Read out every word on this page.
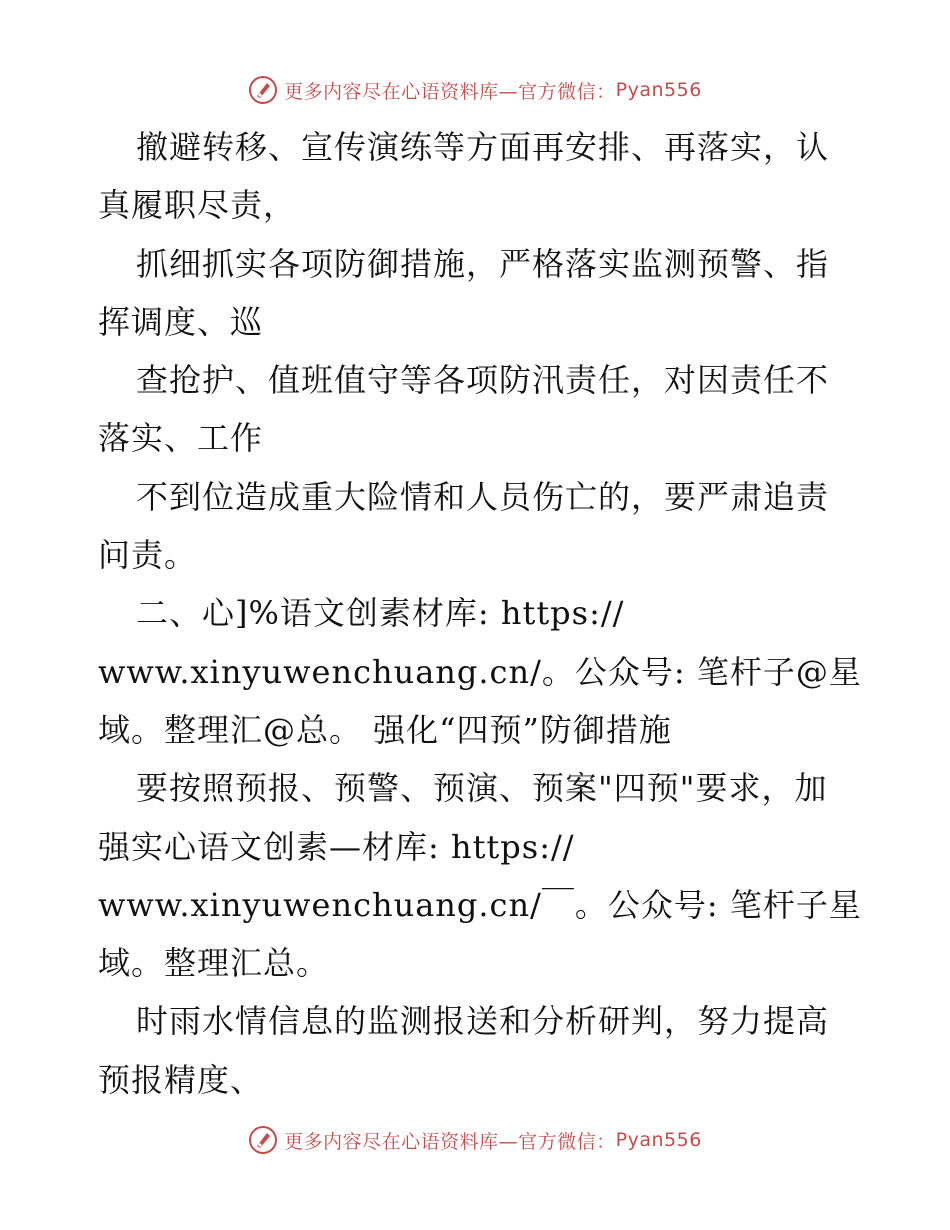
更多内容尽在心语资料库—官方微信： Pyan556
撤避转移、宣传演练等方面再安排、再落实，认
真履职尽责，
抓细抓实各项防御措施，严格落实监测预警、指
挥调度、巡
查抢护、值班值守等各项防汛责任，对因责任不
落实、工作
不到位造成重大险情和人员伤亡的，要严肃追责
问责。
二、心]%语文创素材库: https://
www.xinyuwenchuang.cn/。公众号: 笔杆子@星
域。整理汇@总。 强化“四预”防御措施
要按照预报、预警、预演、预案"四预"要求，加
强实心语文创素—材库: https://
www.xinyuwenchuang.cn/￣。公众号: 笔杆子星
域。整理汇总。
时雨水情信息的监测报送和分析研判，努力提高
预报精度、
更多内容尽在心语资料库—官方微信： Pyan556
